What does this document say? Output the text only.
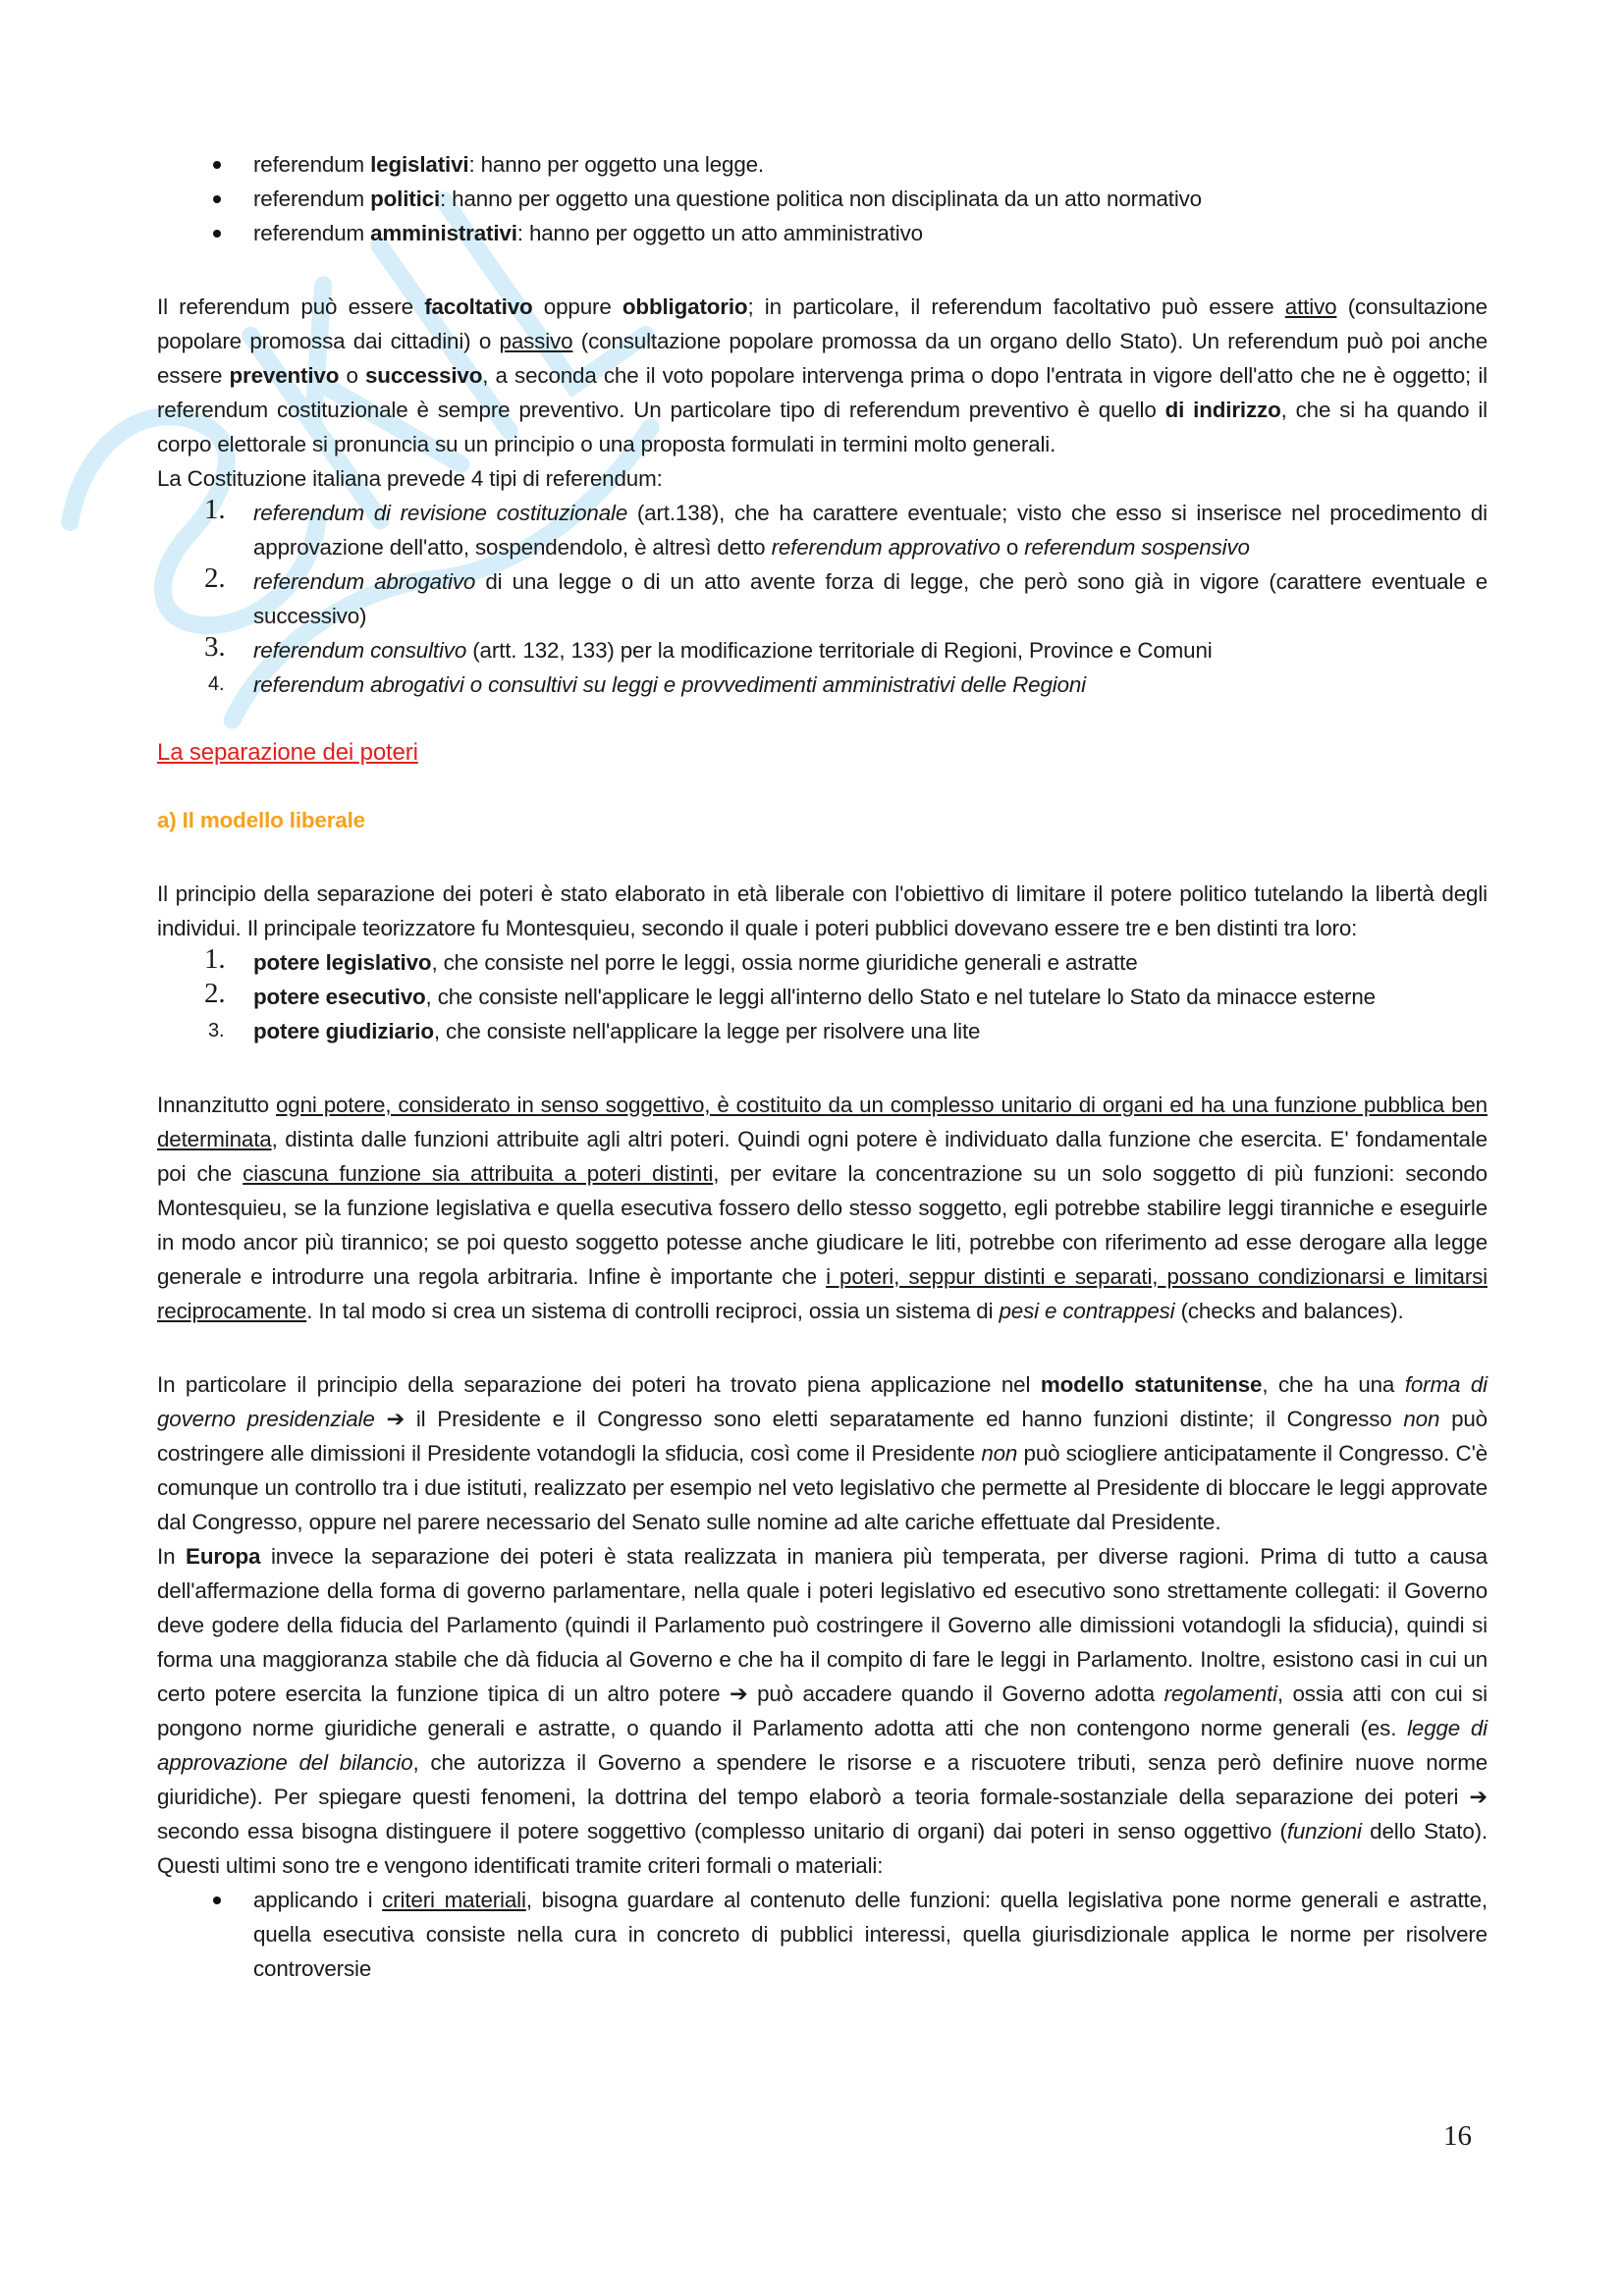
referendum legislativi: hanno per oggetto una legge.
referendum politici: hanno per oggetto una questione politica non disciplinata da un atto normativo
referendum amministrativi: hanno per oggetto un atto amministrativo

Il referendum può essere facoltativo oppure obbligatorio; in particolare, il referendum facoltativo può essere attivo (consultazione popolare promossa dai cittadini) o passivo (consultazione popolare promossa da un organo dello Stato). Un referendum può poi anche essere preventivo o successivo, a seconda che il voto popolare intervenga prima o dopo l'entrata in vigore dell'atto che ne è oggetto; il referendum costituzionale è sempre preventivo. Un particolare tipo di referendum preventivo è quello di indirizzo, che si ha quando il corpo elettorale si pronuncia su un principio o una proposta formulati in termini molto generali.

La Costituzione italiana prevede 4 tipi di referendum:

1. referendum di revisione costituzionale (art.138), che ha carattere eventuale; visto che esso si inserisce nel procedimento di approvazione dell'atto, sospendendolo, è altresì detto referendum approvativo o referendum sospensivo
2. referendum abrogativo di una legge o di un atto avente forza di legge, che però sono già in vigore (carattere eventuale e successivo)
3. referendum consultivo (artt. 132, 133) per la modificazione territoriale di Regioni, Province e Comuni
4. referendum abrogativi o consultivi su leggi e provvedimenti amministrativi delle Regioni

La separazione dei poteri

a) Il modello liberale

Il principio della separazione dei poteri è stato elaborato in età liberale con l'obiettivo di limitare il potere politico tutelando la libertà degli individui. Il principale teorizzatore fu Montesquieu, secondo il quale i poteri pubblici dovevano essere tre e ben distinti tra loro:

1. potere legislativo, che consiste nel porre le leggi, ossia norme giuridiche generali e astratte
2. potere esecutivo, che consiste nell'applicare le leggi all'interno dello Stato e nel tutelare lo Stato da minacce esterne
3. potere giudiziario, che consiste nell'applicare la legge per risolvere una lite

Innanzitutto ogni potere, considerato in senso soggettivo, è costituito da un complesso unitario di organi ed ha una funzione pubblica ben determinata, distinta dalle funzioni attribuite agli altri poteri. Quindi ogni potere è individuato dalla funzione che esercita. E' fondamentale poi che ciascuna funzione sia attribuita a poteri distinti, per evitare la concentrazione su un solo soggetto di più funzioni: secondo Montesquieu, se la funzione legislativa e quella esecutiva fossero dello stesso soggetto, egli potrebbe stabilire leggi tiranniche e eseguirle in modo ancor più tirannico; se poi questo soggetto potesse anche giudicare le liti, potrebbe con riferimento ad esse derogare alla legge generale e introdurre una regola arbitraria. Infine è importante che i poteri, seppur distinti e separati, possano condizionarsi e limitarsi reciprocamente. In tal modo si crea un sistema di controlli reciproci, ossia un sistema di pesi e contrappesi (checks and balances).

In particolare il principio della separazione dei poteri ha trovato piena applicazione nel modello statunitense, che ha una forma di governo presidenziale ➔ il Presidente e il Congresso sono eletti separatamente ed hanno funzioni distinte; il Congresso non può costringere alle dimissioni il Presidente votandogli la sfiducia, così come il Presidente non può sciogliere anticipatamente il Congresso. C'è comunque un controllo tra i due istituti, realizzato per esempio nel veto legislativo che permette al Presidente di bloccare le leggi approvate dal Congresso, oppure nel parere necessario del Senato sulle nomine ad alte cariche effettuate dal Presidente.

In Europa invece la separazione dei poteri è stata realizzata in maniera più temperata, per diverse ragioni. Prima di tutto a causa dell'affermazione della forma di governo parlamentare, nella quale i poteri legislativo ed esecutivo sono strettamente collegati: il Governo deve godere della fiducia del Parlamento (quindi il Parlamento può costringere il Governo alle dimissioni votandogli la sfiducia), quindi si forma una maggioranza stabile che dà fiducia al Governo e che ha il compito di fare le leggi in Parlamento. Inoltre, esistono casi in cui un certo potere esercita la funzione tipica di un altro potere ➔ può accadere quando il Governo adotta regolamenti, ossia atti con cui si pongono norme giuridiche generali e astratte, o quando il Parlamento adotta atti che non contengono norme generali (es. legge di approvazione del bilancio, che autorizza il Governo a spendere le risorse e a riscuotere tributi, senza però definire nuove norme giuridiche). Per spiegare questi fenomeni, la dottrina del tempo elaborò a teoria formale-sostanziale della separazione dei poteri ➔ secondo essa bisogna distinguere il potere soggettivo (complesso unitario di organi) dai poteri in senso oggettivo (funzioni dello Stato). Questi ultimi sono tre e vengono identificati tramite criteri formali o materiali:

applicando i criteri materiali, bisogna guardare al contenuto delle funzioni: quella legislativa pone norme generali e astratte, quella esecutiva consiste nella cura in concreto di pubblici interessi, quella giurisdizionale applica le norme per risolvere controversie
16
